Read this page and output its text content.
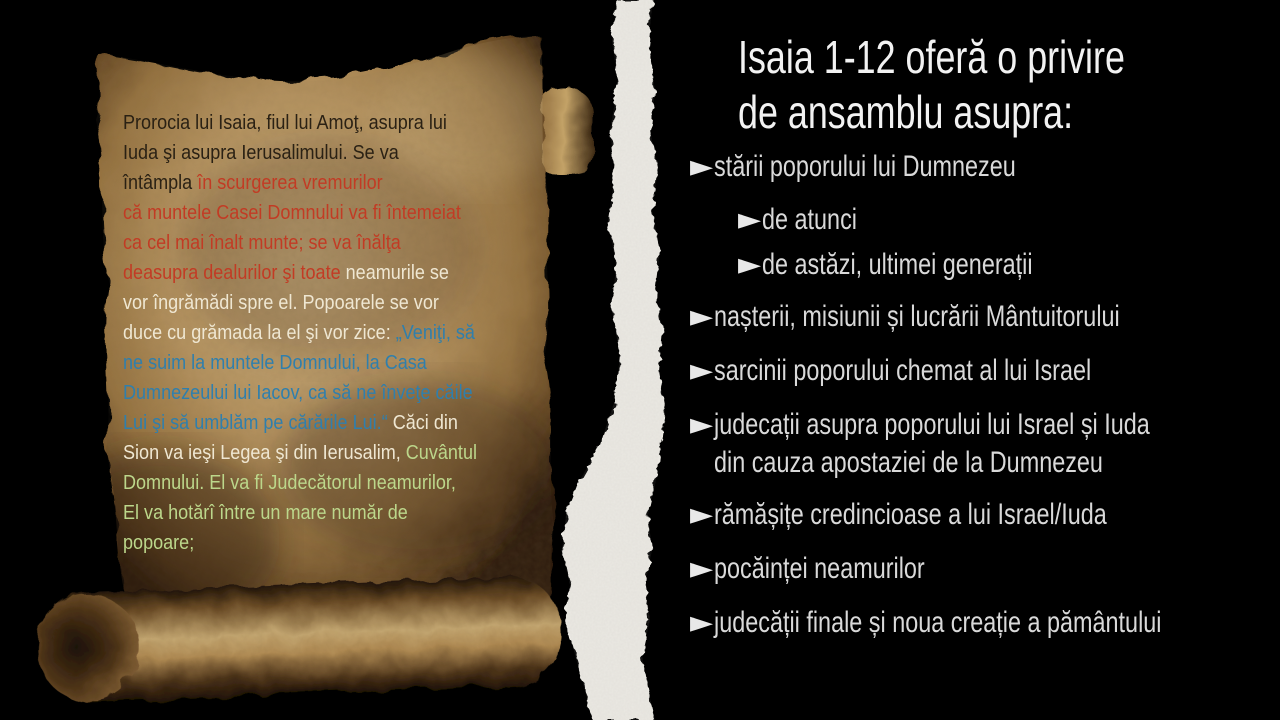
Prorocia lui Isaia, fiul lui Amoţ, asupra lui
Iuda şi asupra Ierusalimului. Se va
întâmpla în scurgerea vremurilor
că muntele Casei Domnului va fi întemeiat
ca cel mai înalt munte; se va înălţa
deasupra dealurilor şi toate neamurile se
vor îngrămădi spre el. Popoarele se vor
duce cu grămada la el şi vor zice: „Veniţi, să
ne suim la muntele Domnului, la Casa
Dumnezeului lui Iacov, ca să ne înveţe căile
Lui şi să umblăm pe cărările Lui.“ Căci din
Sion va ieşi Legea şi din Ierusalim, Cuvântul
Domnului. El va fi Judecătorul neamurilor,
El va hotărî între un mare număr de
popoare;
Isaia 1-12 oferă o privire
de ansamblu asupra:
► stării poporului lui Dumnezeu
► de atunci
► de astăzi, ultimei generații
► nașterii, misiunii și lucrării Mântuitorului
► sarcinii poporului chemat al lui Israel
► judecații asupra poporului lui Israel și Iuda
din cauza apostaziei de la Dumnezeu
► rămășițe credincioase a lui Israel/Iuda
► pocăinței neamurilor
► judecății finale și noua creație a pământului
